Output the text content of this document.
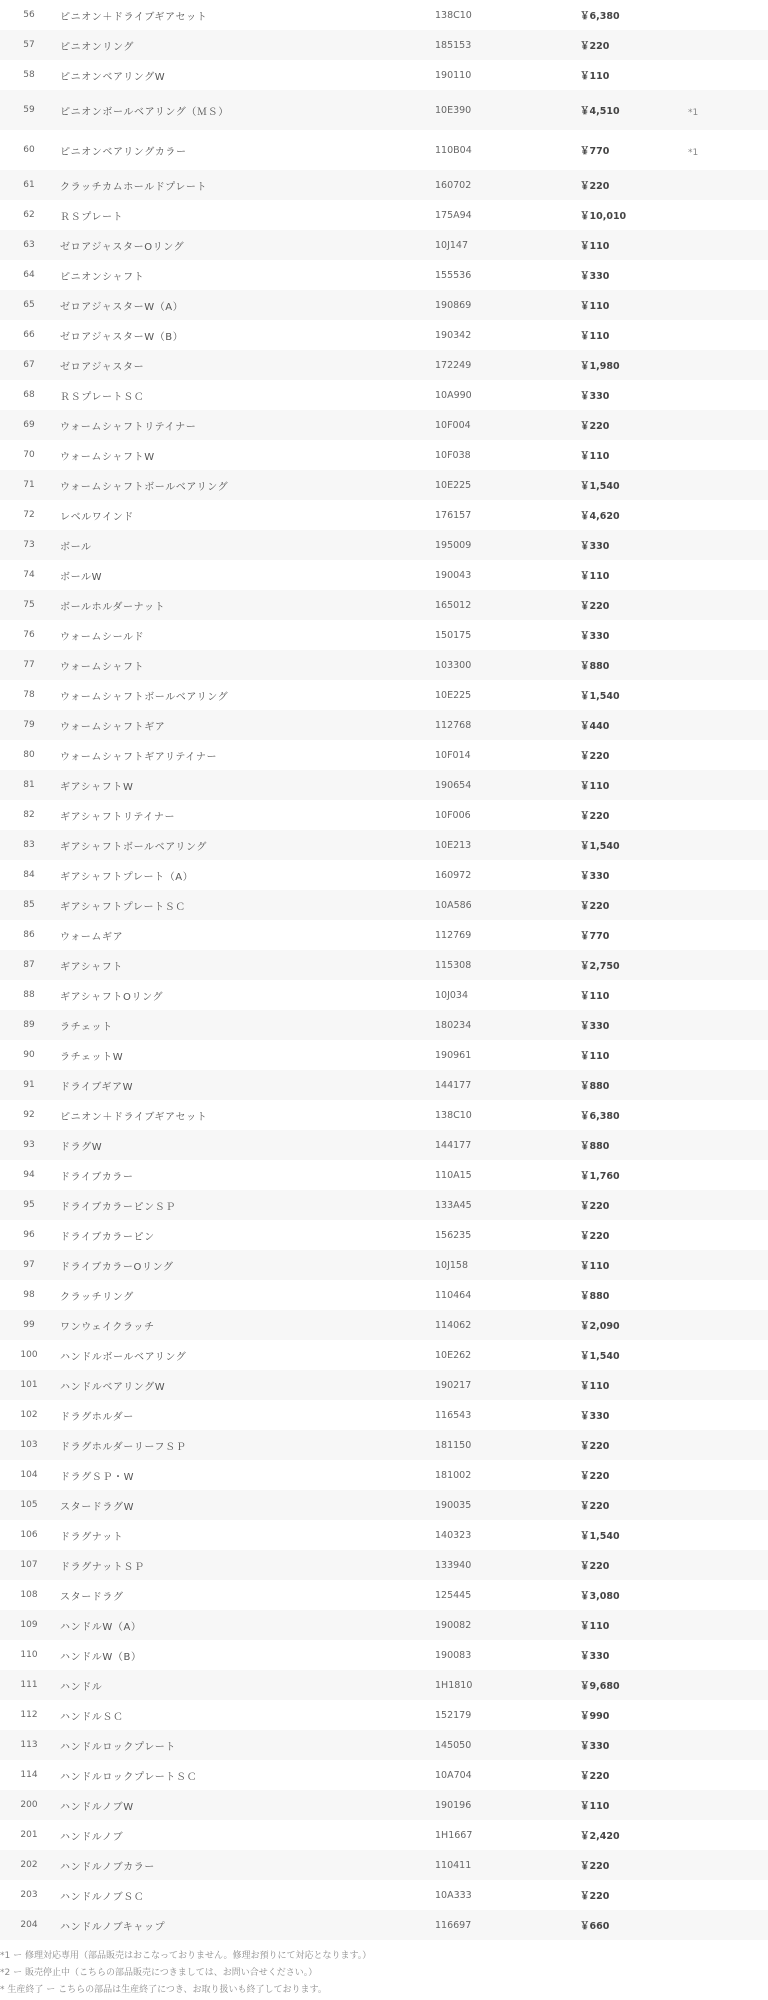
56	ピニオン＋ドライブギアセット	138C10	￥6,380	
57	ピニオンリング	185153	￥220	
58	ピニオンベアリングW	190110	￥110	
59	ピニオンボールベアリング（ＭＳ）	10E390	￥4,510	*1
60	ピニオンベアリングカラー	110B04	￥770	*1
61	クラッチカムホールドプレート	160702	￥220	
62	ＲＳプレート	175A94	￥10,010	
63	ゼロアジャスターOリング	10J147	￥110	
64	ピニオンシャフト	155536	￥330	
65	ゼロアジャスターW（A）	190869	￥110	
66	ゼロアジャスターW（B）	190342	￥110	
67	ゼロアジャスター	172249	￥1,980	
68	ＲＳプレートＳＣ	10A990	￥330	
69	ウォームシャフトリテイナー	10F004	￥220	
70	ウォームシャフトW	10F038	￥110	
71	ウォームシャフトボールベアリング	10E225	￥1,540	
72	レベルワインド	176157	￥4,620	
73	ボール	195009	￥330	
74	ボールW	190043	￥110	
75	ボールホルダーナット	165012	￥220	
76	ウォームシールド	150175	￥330	
77	ウォームシャフト	103300	￥880	
78	ウォームシャフトボールベアリング	10E225	￥1,540	
79	ウォームシャフトギア	112768	￥440	
80	ウォームシャフトギアリテイナー	10F014	￥220	
81	ギアシャフトW	190654	￥110	
82	ギアシャフトリテイナー	10F006	￥220	
83	ギアシャフトボールベアリング	10E213	￥1,540	
84	ギアシャフトプレート（A）	160972	￥330	
85	ギアシャフトプレートＳＣ	10A586	￥220	
86	ウォームギア	112769	￥770	
87	ギアシャフト	115308	￥2,750	
88	ギアシャフトOリング	10J034	￥110	
89	ラチェット	180234	￥330	
90	ラチェットW	190961	￥110	
91	ドライブギアW	144177	￥880	
92	ピニオン＋ドライブギアセット	138C10	￥6,380	
93	ドラグW	144177	￥880	
94	ドライブカラー	110A15	￥1,760	
95	ドライブカラーピンＳＰ	133A45	￥220	
96	ドライブカラーピン	156235	￥220	
97	ドライブカラーOリング	10J158	￥110	
98	クラッチリング	110464	￥880	
99	ワンウェイクラッチ	114062	￥2,090	
100	ハンドルボールベアリング	10E262	￥1,540	
101	ハンドルベアリングW	190217	￥110	
102	ドラグホルダー	116543	￥330	
103	ドラグホルダーリーフＳＰ	181150	￥220	
104	ドラグＳＰ・W	181002	￥220	
105	スタードラグW	190035	￥220	
106	ドラグナット	140323	￥1,540	
107	ドラグナットＳＰ	133940	￥220	
108	スタードラグ	125445	￥3,080	
109	ハンドルW（A）	190082	￥110	
110	ハンドルW（B）	190083	￥330	
111	ハンドル	1H1810	￥9,680	
112	ハンドルＳＣ	152179	￥990	
113	ハンドルロックプレート	145050	￥330	
114	ハンドルロックプレートＳＣ	10A704	￥220	
200	ハンドルノブW	190196	￥110	
201	ハンドルノブ	1H1667	￥2,420	
202	ハンドルノブカラー	110411	￥220	
203	ハンドルノブＳＣ	10A333	￥220	
204	ハンドルノブキャップ	116697	￥660	
*1 ー 修理対応専用（部品販売はおこなっておりません。修理お預りにて対応となります。）
*2 ー 販売停止中（こちらの部品販売につきましては、お問い合せください。）
* 生産終了 ー こちらの部品は生産終了につき、お取り扱いも終了しております。
